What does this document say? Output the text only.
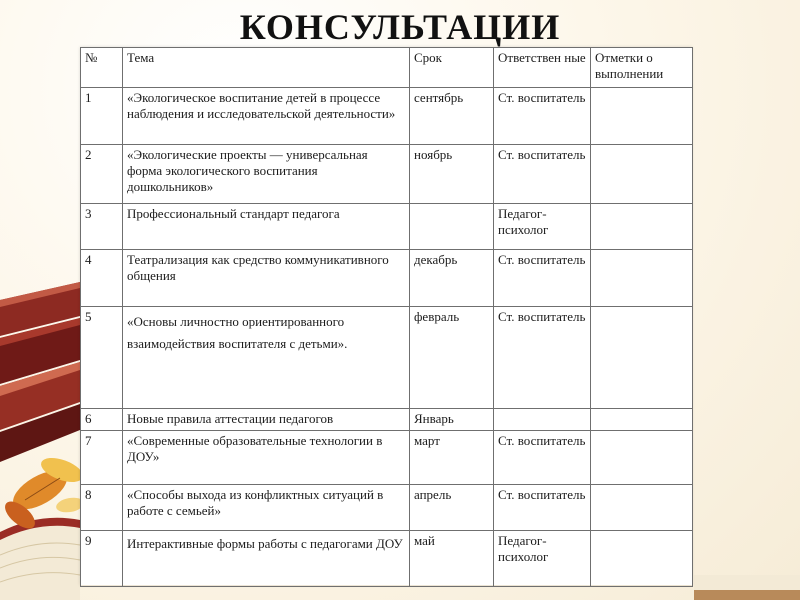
КОНСУЛЬТАЦИИ
№	Тема	Срок	Ответствен ные	Отметки о выполнении
1	«Экологическое воспитание детей в процессе наблюдения и исследовательской деятельности»	сентябрь	Ст. воспитатель	
2	«Экологические проекты — универсальная форма экологического воспитания дошкольников»	ноябрь	Ст. воспитатель	
3	Профессиональный стандарт педагога		Педагог-психолог	
4	Театрализация как средство коммуникативного общения	декабрь	Ст. воспитатель	
5	«Основы личностно ориентированного взаимодействия воспитателя с детьми».	февраль	Ст. воспитатель	
6	Новые правила аттестации педагогов	Январь		
7	«Современные образовательные технологии в ДОУ»	март	Ст. воспитатель	
8	«Способы выхода из конфликтных ситуаций в работе с семьей»	апрель	Ст. воспитатель	
9	Интерактивные формы работы с педагогами ДОУ	май	Педагог-психолог	
